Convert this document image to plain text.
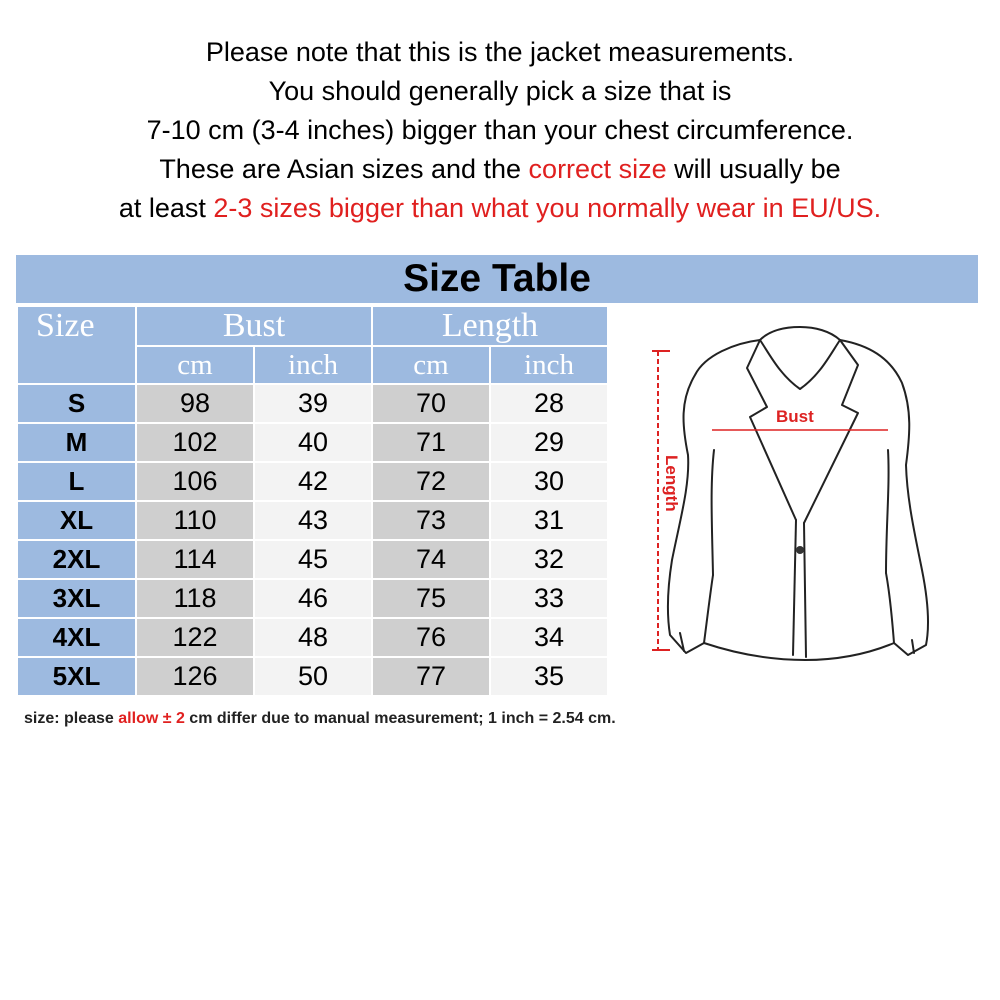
Please note that this is the jacket measurements.
You should generally pick a size that is
7-10 cm (3-4 inches) bigger than your chest circumference.
These are Asian sizes and the correct size will usually be
at least 2-3 sizes bigger than what you normally wear in EU/US.
Size Table
Size	Bust		Length	
	cm	inch	cm	inch
S	98	39	70	28
M	102	40	71	29
L	106	42	72	30
XL	110	43	73	31
2XL	114	45	74	32
3XL	118	46	75	33
4XL	122	48	76	34
5XL	126	50	77	35
Bust
Length
size: please allow ± 2 cm differ due to manual measurement; 1 inch = 2.54 cm.
